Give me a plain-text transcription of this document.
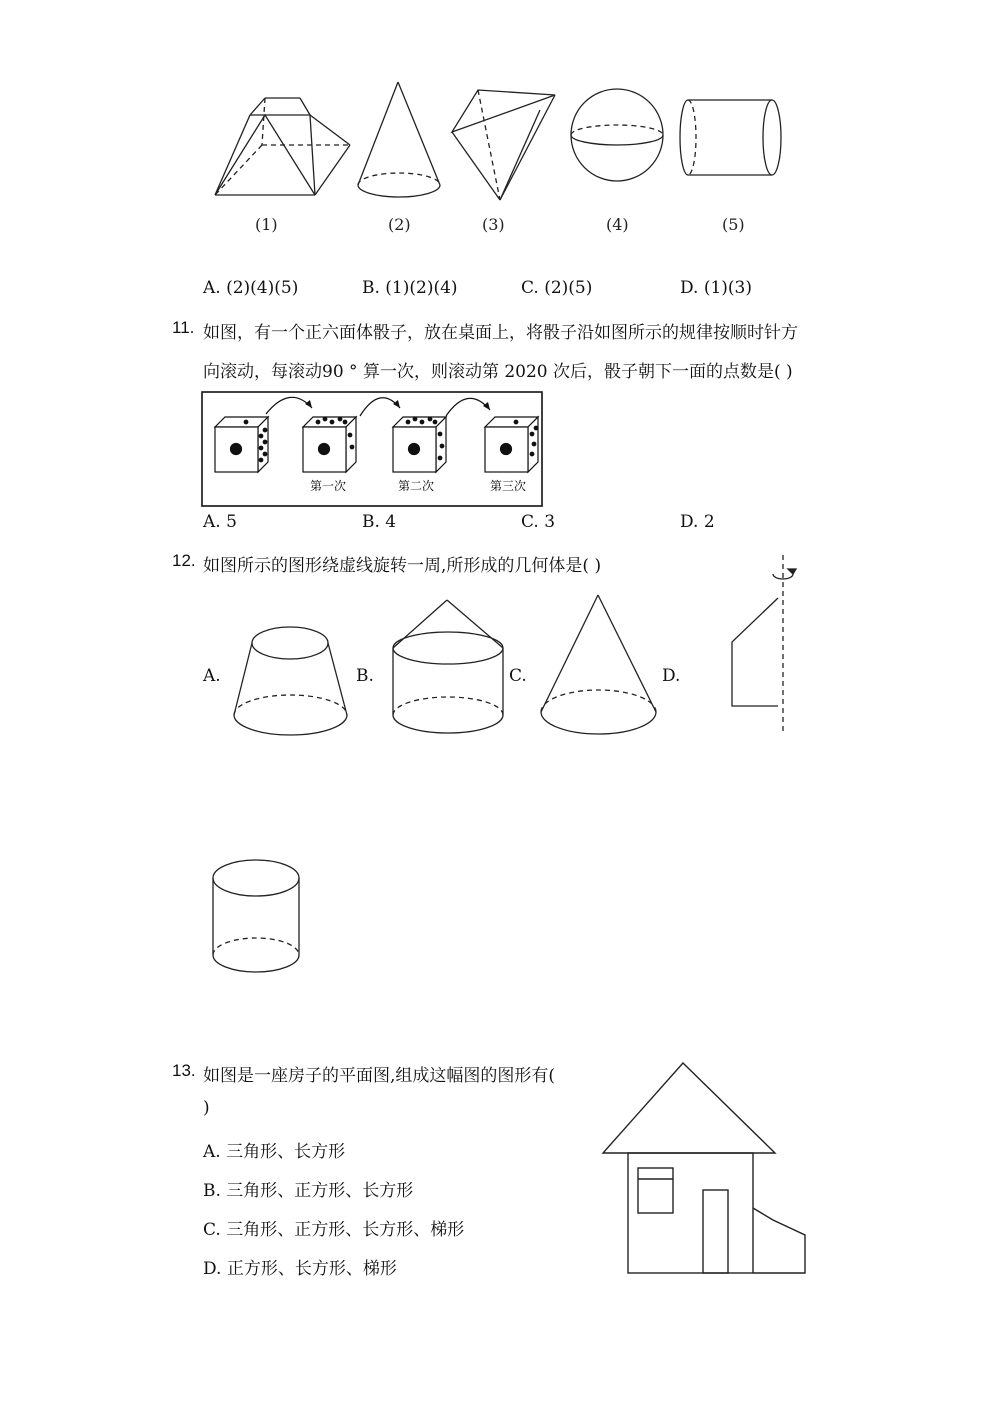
(1)	(2)	(3)	(4)	(5)
A. (2)(4)(5)	B. (1)(2)(4)	C. (2)(5)	D. (1)(3)
11. 如图，有一个正六面体骰子，放在桌面上，将骰子沿如图所示的规律按顺时针方
向滚动，每滚动90 ° 算一次，则滚动第 2020 次后，骰子朝下一面的点数是( )
第一次	第二次	第三次
A. 5	B. 4	C. 3	D. 2
12. 如图所示的图形绕虚线旋转一周,所形成的几何体是( )
A.	B.	C.	D.
13. 如图是一座房子的平面图,组成这幅图的图形有(
)
A. 三角形、长方形
B. 三角形、正方形、长方形
C. 三角形、正方形、长方形、梯形
D. 正方形、长方形、梯形
